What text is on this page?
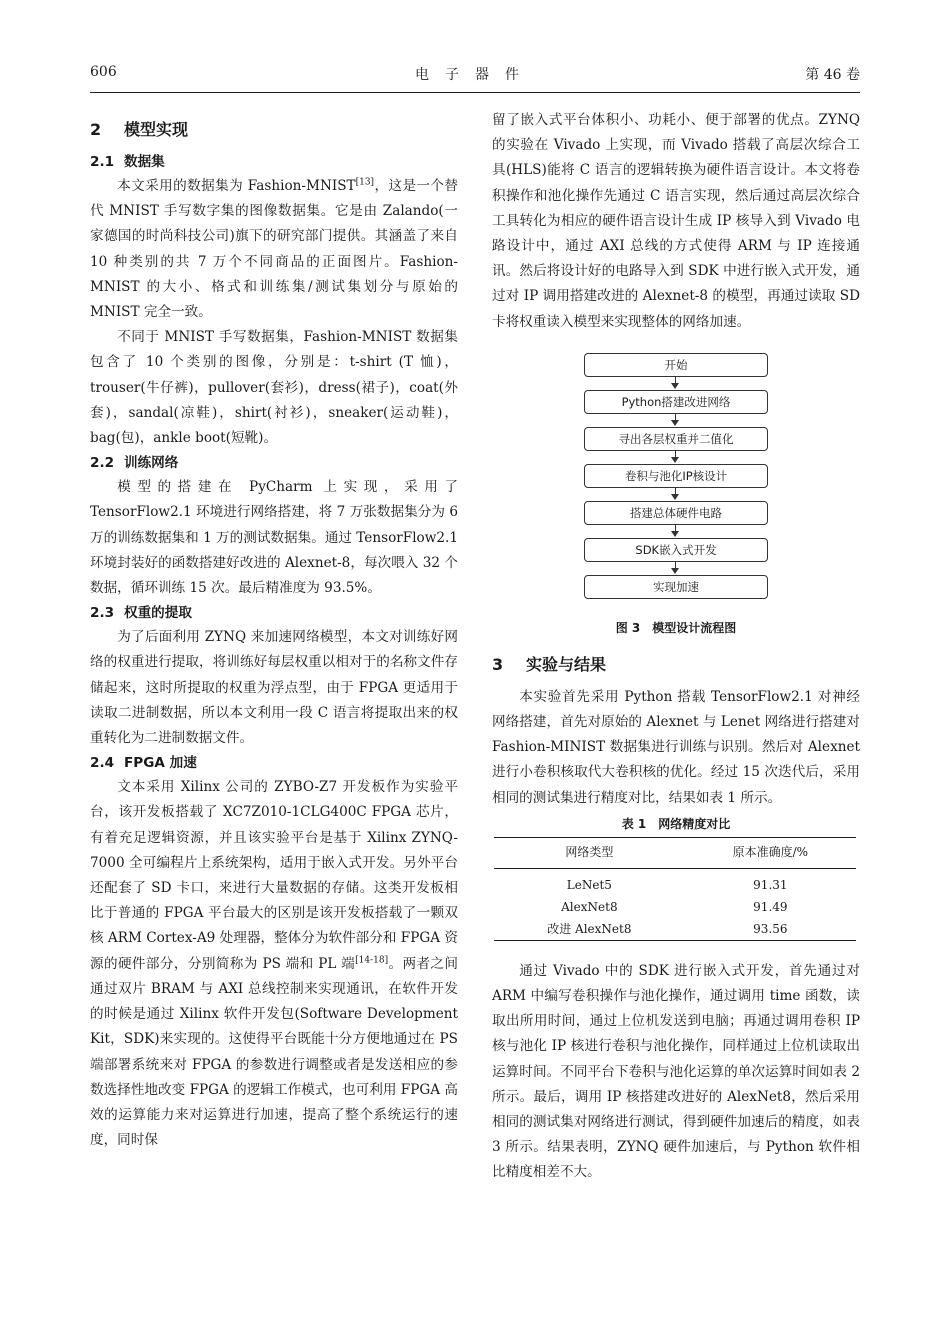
606	电子器件	第 46 卷
2 模型实现
2.1 数据集

本文采用的数据集为 Fashion-MNIST[13]，这是一个替代 MNIST 手写数字集的图像数据集。它是由 Zalando(一家德国的时尚科技公司)旗下的研究部门提供。其涵盖了来自 10 种类别的共 7 万个不同商品的正面图片。Fashion-MNIST 的大小、格式和训练集/测试集划分与原始的 MNIST 完全一致。

不同于 MNIST 手写数据集，Fashion-MNIST 数据集包含了 10 个类别的图像，分别是：t-shirt (T 恤)，trouser(牛仔裤)，pullover(套衫)，dress(裙子)，coat(外套)，sandal(凉鞋)，shirt(衬衫)，sneaker(运动鞋)，bag(包)，ankle boot(短靴)。

2.2 训练网络

模型的搭建在 PyCharm 上实现，采用了 TensorFlow2.1 环境进行网络搭建，将 7 万张数据集分为 6 万的训练数据集和 1 万的测试数据集。通过 TensorFlow2.1 环境封装好的函数搭建好改进的 Alexnet-8，每次喂入 32 个数据，循环训练 15 次。最后精准度为 93.5%。

2.3 权重的提取

为了后面利用 ZYNQ 来加速网络模型，本文对训练好网络的权重进行提取，将训练好每层权重以相对于的名称文件存储起来，这时所提取的权重为浮点型，由于 FPGA 更适用于读取二进制数据，所以本文利用一段 C 语言将提取出来的权重转化为二进制数据文件。

2.4 FPGA 加速

文本采用 Xilinx 公司的 ZYBO-Z7 开发板作为实验平台，该开发板搭载了 XC7Z010-1CLG400C FPGA 芯片，有着充足逻辑资源，并且该实验平台是基于 Xilinx ZYNQ-7000 全可编程片上系统架构，适用于嵌入式开发。另外平台还配套了 SD 卡口，来进行大量数据的存储。这类开发板相比于普通的 FPGA 平台最大的区别是该开发板搭载了一颗双核 ARM Cortex-A9 处理器，整体分为软件部分和 FPGA 资源的硬件部分，分别简称为 PS 端和 PL 端[14-18]。两者之间通过双片 BRAM 与 AXI 总线控制来实现通讯，在软件开发的时候是通过 Xilinx 软件开发包(Software Development Kit，SDK)来实现的。这使得平台既能十分方便地通过在 PS 端部署系统来对 FPGA 的参数进行调整或者是发送相应的参数选择性地改变 FPGA 的逻辑工作模式，也可利用 FPGA 高效的运算能力来对运算进行加速，提高了整个系统运行的速度，同时保

留了嵌入式平台体积小、功耗小、便于部署的优点。ZYNQ 的实验在 Vivado 上实现，而 Vivado 搭载了高层次综合工具(HLS)能将 C 语言的逻辑转换为硬件语言设计。本文将卷积操作和池化操作先通过 C 语言实现，然后通过高层次综合工具转化为相应的硬件语言设计生成 IP 核导入到 Vivado 电路设计中，通过 AXI 总线的方式使得 ARM 与 IP 连接通讯。然后将设计好的电路导入到 SDK 中进行嵌入式开发，通过对 IP 调用搭建改进的 Alexnet-8 的模型，再通过读取 SD 卡将权重读入模型来实现整体的网络加速。

开始
Python搭建改进网络
寻出各层权重并二值化
卷积与池化IP核设计
搭建总体硬件电路
SDK嵌入式开发
实现加速
图 3 模型设计流程图
3 实验与结果

本实验首先采用 Python 搭载 TensorFlow2.1 对神经网络搭建，首先对原始的 Alexnet 与 Lenet 网络进行搭建对 Fashion-MINIST 数据集进行训练与识别。然后对 Alexnet 进行小卷积核取代大卷积核的优化。经过 15 次迭代后，采用相同的测试集进行精度对比，结果如表 1 所示。

表 1 网络精度对比
网络类型	原本准确度/%
LeNet5	91.31
AlexNet8	91.49
改进 AlexNet8	93.56

通过 Vivado 中的 SDK 进行嵌入式开发，首先通过对 ARM 中编写卷积操作与池化操作，通过调用 time 函数，读取出所用时间，通过上位机发送到电脑；再通过调用卷积 IP 核与池化 IP 核进行卷积与池化操作，同样通过上位机读取出运算时间。不同平台下卷积与池化运算的单次运算时间如表 2 所示。最后，调用 IP 核搭建改进好的 AlexNet8，然后采用相同的测试集对网络进行测试，得到硬件加速后的精度，如表 3 所示。结果表明，ZYNQ 硬件加速后，与 Python 软件相比精度相差不大。
